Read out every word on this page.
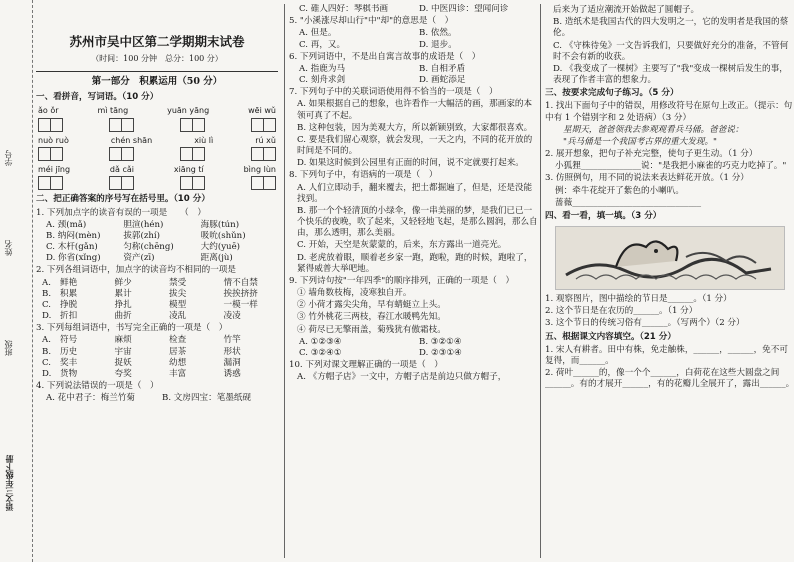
学号
姓名
班级
语文三年级下册
苏州市吴中区第二学期期末试卷
（时间：100 分钟　总分：100 分）
第一部分　积累运用（50 分）
一、看拼音，写词语。（10 分）
ǎo ǒr	mì tāng	yuān yāng	wēi wǔ
nuò ruò	chén shān	xiù lì	rú xǔ
méi jīng	dǎ cǎi	xiāng tí	bìng lùn
二、把正确答案的序号写在括号里。（10 分）
1. 下列加点字的读音有误的一项是　　（　）
A. 颈(mǎ)	胆渲(hén)	海豚(tún)
B. 纳闷(mèn)	拔郭(zhí)	吸吮(shǔn)
C. 木杆(gǎn)	匀称(chēng)	大约(yuē)
D. 你省(xǐng)	资产(zī)	距离(jù)
2. 下列各组词语中，加点字的读音均不相同的一项是
A.	鲜艳	鲜少	禁受	情不自禁
B.	积累	累计	拔尖	挨挨挤挤
C.	挣脱	挣扎	模型	一模一样
D.	折扣	曲折	凌乱	凌凌
3. 下列每组词语中，书写完全正确的一项是（　）
A.	符号	麻烦	检查	竹竿
B.	历史	宇宙	居茶	形状
C.	奖丰	捉妖	幼想	漏洞
D.	货物	夸奖	丰富	诱惑
4. 下列说法错误的一项是（　）
A. 花中君子：梅兰竹菊	B. 文房四宝：笔墨纸砚
C. 碓人四好：琴棋书画	D. 中医四诊：望闻问诊
5. "小溪涨尽却山行"中"却"的意思是（　）
A. 但是。	B. 依然。
C. 再，又。	D. 退步。
6. 下列词语中，不是出自寓言故事的成语是（　）
A. 指鹿为马	B. 自相矛盾
C. 刻舟求剑	D. 画蛇添足
7. 下列句子中的关联词语使用得不恰当的一项是（　）
A. 如果根据自己的想象，也许看作一大幅活的画，那画家的本领可真了不起。
B. 这种包装，因为美观大方，所以新颖别致，大家都很喜欢。
C. 要是我们留心观察，就会发现，一天之内，不同的花开放的时间是不同的。
D. 如果这时候到公园里有正面的时间，说不定就要打起来。
8. 下列句子中，有语病的一项是（　）
A. 人们立即动手，翻来覆去，把土都掘遍了，但是，还是没能找到。
B. 那一个个轻清顶的小绿伞，像一串美丽的梦，是我们已已一个快乐的夜晚，吹了起来，又轻轻地飞起，是那么圆润，那么自由，那么透明，那么美丽。
C. 开始，天空是灰蒙蒙的，后来，东方露出一道亮光。
D. 老虎放着眼，顺着老乡家一跑，跑啦，跑的时候，跑啦了，紧得威普大举吧地。
9. 下列诗句按"一年四季"的顺序排列，正确的一项是（　）
① 墙角数枝梅，凌寒独自开。
② 小荷才露尖尖角，早有蜻蜓立上头。
③ 竹外桃花三两枝，春江水暖鸭先知。
④ 荷尽已无擎雨盖，菊残犹有傲霜枝。
A. ①②③④	B. ③②①④
C. ③②④①	D. ②③①④
10. 下列对课文理解正确的一项是（　）
A. 《方帽子店》一文中，方帽子店是前边只做方帽子，
后来为了适应潮流开始做起了圆帽子。
B. 造纸术是我国古代的四大发明之一，它的发明者是我国的蔡伦。
C. 《守株待兔》一文告诉我们，只要做好充分的准备，不管何时不会有新的收获。
D. 《我变成了一棵树》主要写了"我"变成一棵树后发生的事，表现了作者丰富的想象力。
三、按要求完成句子练习。（5 分）
1. 找出下面句子中的错误，用修改符号在原句上改正。（提示：句中有 1 个错别字和 2 处语病）（3 分）
星期天，爸爸领我去参观观看兵马俑。爸爸说：
"兵马俑是一个我国考古界的重大发现。"
2. 展开想象，把句子补充完整，使句子更生动。（1 分）
小狐狸______________说："是我把小麻雀的巧克力吃掉了。"
3. 仿照例句，用不同的说法来表达鲜花开放。（1 分）
例：牵牛花绽开了紫色的小喇叭。
蔷薇______________________________
四、看一看，填一填。（3 分）
1. 观察图片，图中描绘的节日是______。（1 分）
2. 这个节日是在农历的______。（1 分）
3. 这个节日的传统习俗有______。（写两个）（2 分）
五、根据课文内容填空。（21 分）
1. 宋人有耕者。田中有株，免走触株，______，______，免不可复得，而______。
2. 荷叶______的，像一个个______，白荷花在这些大圆盘之间______。有的才展开______，有的花瓣儿全展开了，露出______。
